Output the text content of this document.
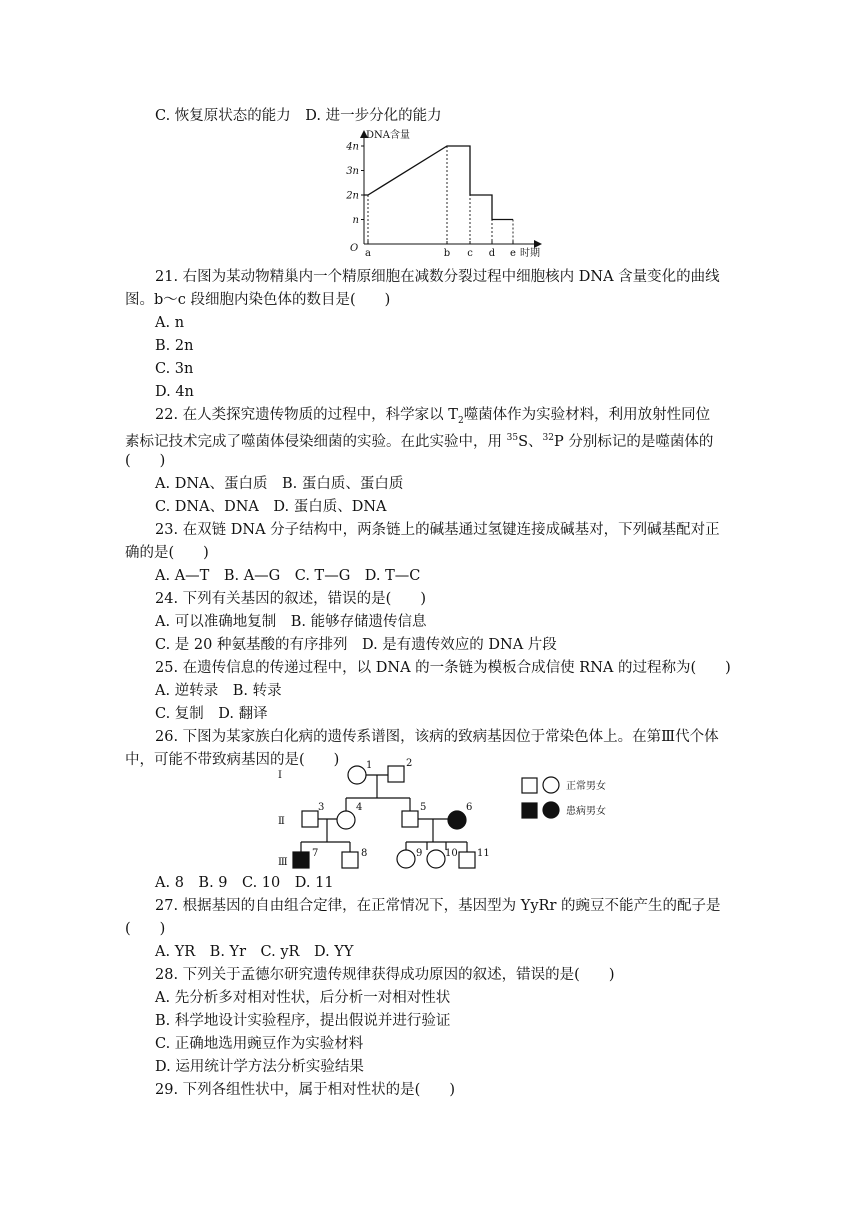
C. 恢复原状态的能力　D. 进一步分化的能力
DNA含量
时期
O
4n
3n
2n
n
a	b c d e
21. 右图为某动物精巢内一个精原细胞在减数分裂过程中细胞核内 DNA 含量变化的曲线
图。b～c 段细胞内染色体的数目是(　　)
A. n
B. 2n
C. 3n
D. 4n
22. 在人类探究遗传物质的过程中，科学家以 $T_2$噬菌体作为实验材料，利用放射性同位
素标记技术完成了噬菌体侵染细菌的实验。在此实验中，用 $^{35}$S、$^{32}$P 分别标记的是噬菌体的
(　　)
A. DNA、蛋白质　B. 蛋白质、蛋白质
C. DNA、DNA　D. 蛋白质、DNA
23. 在双链 DNA 分子结构中，两条链上的碱基通过氢键连接成碱基对，下列碱基配对正
确的是(　　)
A. A—T　B. A—G　C. T—G　D. T—C
24. 下列有关基因的叙述，错误的是(　　)
A. 可以准确地复制　B. 能够存储遗传信息
C. 是 20 种氨基酸的有序排列　D. 是有遗传效应的 DNA 片段
25. 在遗传信息的传递过程中，以 DNA 的一条链为模板合成信使 RNA 的过程称为(　　)
A. 逆转录　B. 转录
C. 复制　D. 翻译
26. 下图为某家族白化病的遗传系谱图，该病的致病基因位于常染色体上。在第Ⅲ代个体
中，可能不带致病基因的是(　　)
Ⅰ
Ⅱ
Ⅲ
1	2
3	4	5	6
7	8	9 10 11
正常男女
患病男女
A. 8　B. 9　C. 10　D. 11
27. 根据基因的自由组合定律，在正常情况下，基因型为 YyRr 的豌豆不能产生的配子是
(　　)
A. YR　B. Yr　C. yR　D. YY
28. 下列关于孟德尔研究遗传规律获得成功原因的叙述，错误的是(　　)
A. 先分析多对相对性状，后分析一对相对性状
B. 科学地设计实验程序，提出假说并进行验证
C. 正确地选用豌豆作为实验材料
D. 运用统计学方法分析实验结果
29. 下列各组性状中，属于相对性状的是(　　)
